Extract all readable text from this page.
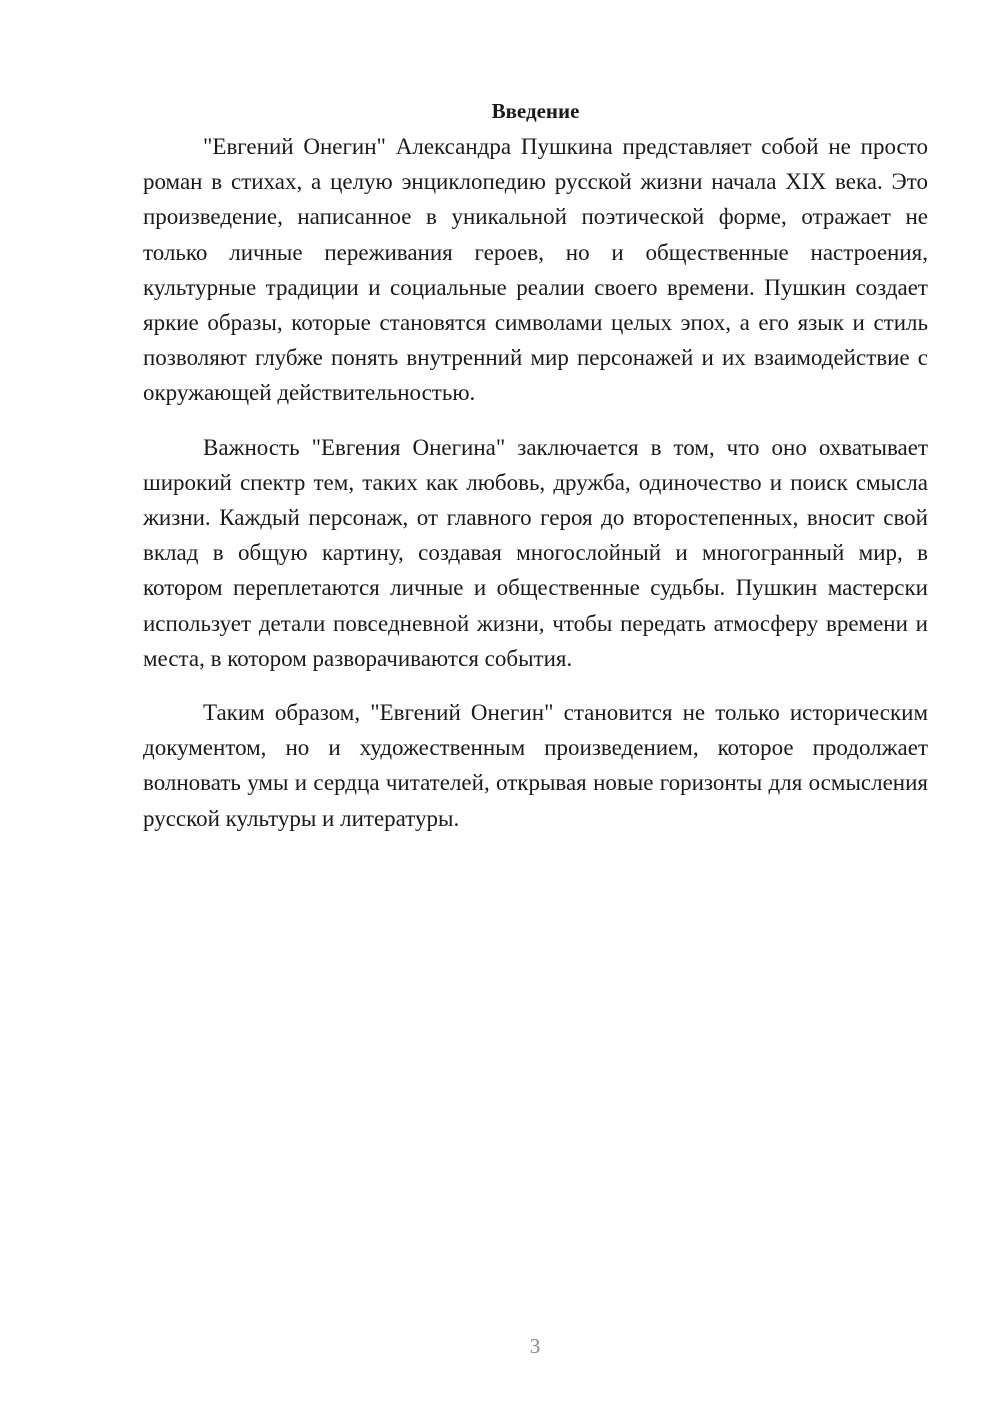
Введение

"Евгений Онегин" Александра Пушкина представляет собой не просто роман в стихах, а целую энциклопедию русской жизни начала XIX века. Это произведение, написанное в уникальной поэтической форме, отражает не только личные переживания героев, но и общественные настроения, культурные традиции и социальные реалии своего времени. Пушкин создает яркие образы, которые становятся символами целых эпох, а его язык и стиль позволяют глубже понять внутренний мир персонажей и их взаимодействие с окружающей действительностью.

Важность "Евгения Онегина" заключается в том, что оно охватывает широкий спектр тем, таких как любовь, дружба, одиночество и поиск смысла жизни. Каждый персонаж, от главного героя до второстепенных, вносит свой вклад в общую картину, создавая многослойный и многогранный мир, в котором переплетаются личные и общественные судьбы. Пушкин мастерски использует детали повседневной жизни, чтобы передать атмосферу времени и места, в котором разворачиваются события.

Таким образом, "Евгений Онегин" становится не только историческим документом, но и художественным произведением, которое продолжает волновать умы и сердца читателей, открывая новые горизонты для осмысления русской культуры и литературы.

3
